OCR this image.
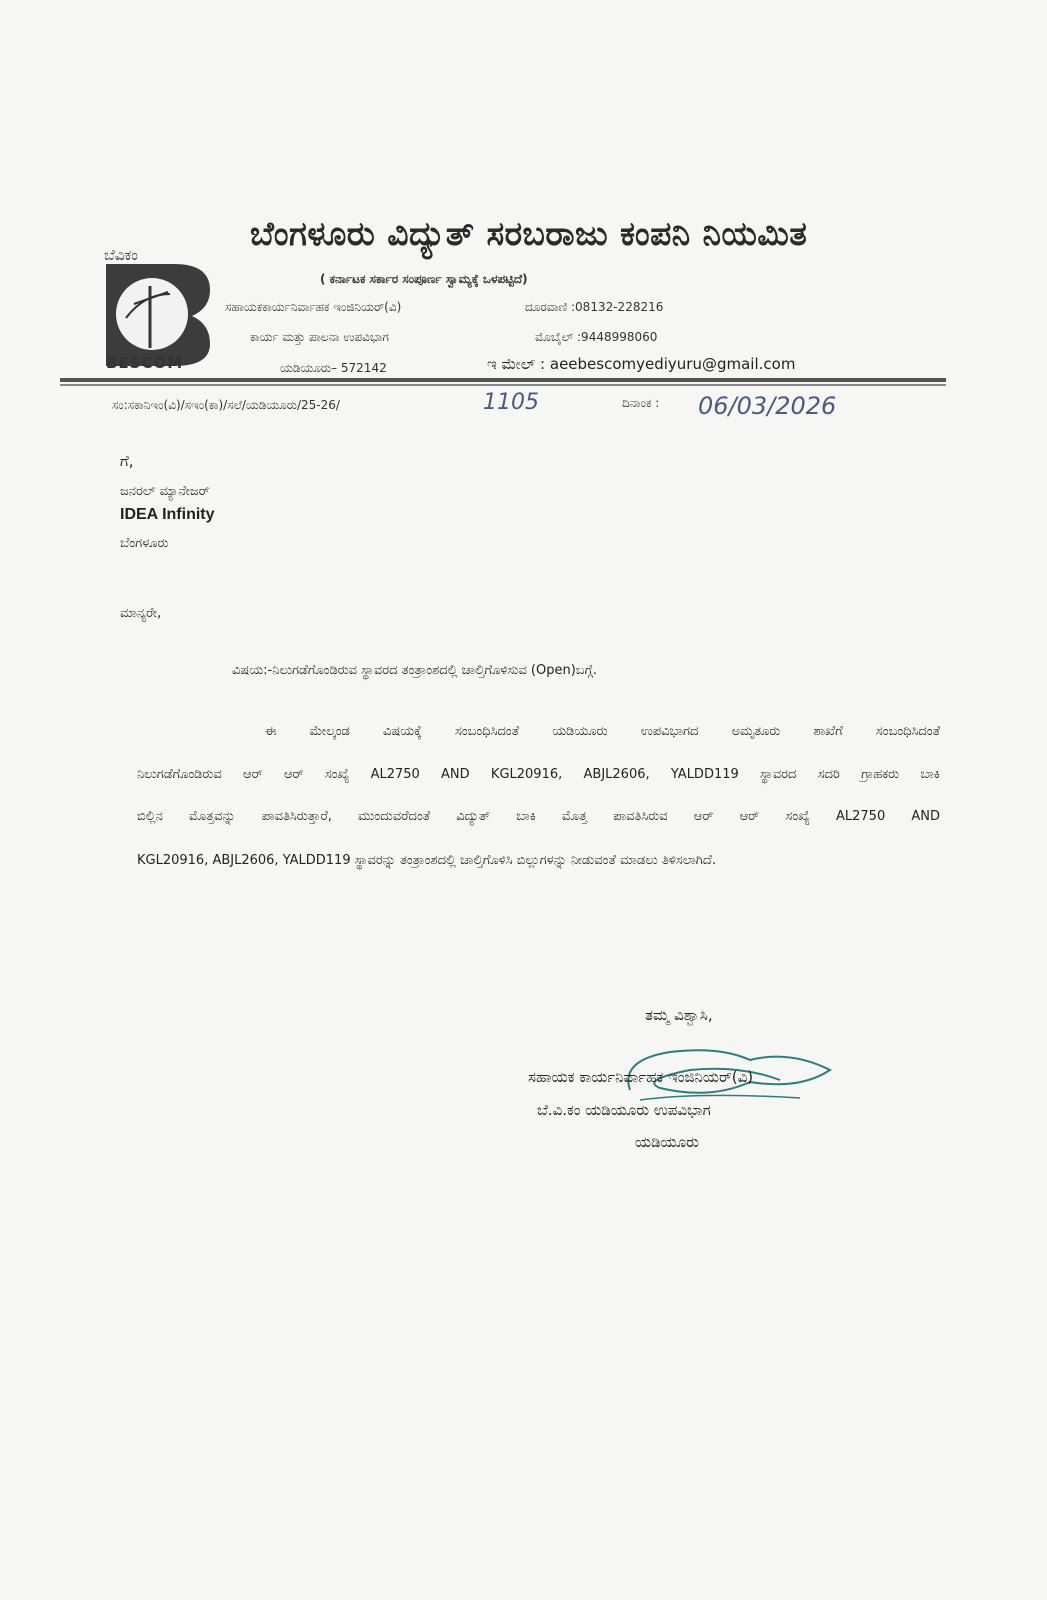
ಬೆವಿಕಂ
BESCOM
ಬೆಂಗಳೂರು ವಿದ್ಯುತ್ ಸರಬರಾಜು ಕಂಪನಿ ನಿಯಮಿತ
( ಕರ್ನಾಟಕ ಸರ್ಕಾರ ಸಂಪೂರ್ಣ ಸ್ವಾಮ್ಯಕ್ಕೆ ಒಳಪಟ್ಟಿದೆ)
ಸಹಾಯಕಕಾರ್ಯನಿರ್ವಾಹಕ ಇಂಜಿನಿಯರ್(ವಿ)
ಕಾರ್ಯ ಮತ್ತು ಪಾಲನಾ ಉಪವಿಭಾಗ
ಯಡಿಯೂರು– 572142
ದೂರವಾಣಿ :08132-228216
ಮೊಬೈಲ್ :9448998060
ಇ ಮೇಲ್ : aeebescomyediyuru@gmail.com
ಸಂ:ಸಕಾನಿಇಂ(ವಿ)/ಸಇಂ(ಕಾ)/ಸಲೆ/ಯಡಿಯೂರು/25-26/	1105	ದಿನಾಂಕ : 06/03/2026
ಗೆ,
ಜನರಲ್ ಮ್ಯಾನೇಜರ್
IDEA Infinity
ಬೆಂಗಳೂರು
ಮಾನ್ಯರೇ,
ವಿಷಯ:-ನಿಲುಗಡೆಗೊಂಡಿರುವ ಸ್ಥಾವರದ ತಂತ್ರಾಂಶದಲ್ಲಿ ಚಾಲ್ತಿಗೊಳಿಸುವ (Open)ಬಗ್ಗೆ.
ಈ ಮೇಲ್ಕಂಡ ವಿಷಯಕ್ಕೆ ಸಂಬಂಧಿಸಿದಂತೆ ಯಡಿಯೂರು ಉಪವಿಭಾಗದ ಅಮೃತೂರು ಶಾಖೆಗೆ ಸಂಬಂಧಿಸಿದಂತೆ
ನಿಲುಗಡೆಗೊಂಡಿರುವ ಆರ್ ಆರ್ ಸಂಖ್ಯೆ AL2750 AND KGL20916, ABJL2606, YALDD119 ಸ್ಥಾವರದ ಸದರಿ ಗ್ರಾಹಕರು ಬಾಕಿ
ಬಿಲ್ಲಿನ ಮೊತ್ತವನ್ನು ಪಾವತಿಸಿರುತ್ತಾರೆ, ಮುಂದುವರೆದಂತೆ ವಿದ್ಯುತ್ ಬಾಕಿ ಮೊತ್ತ ಪಾವತಿಸಿರುವ ಆರ್ ಆರ್ ಸಂಖ್ಯೆ AL2750 AND
KGL20916, ABJL2606, YALDD119 ಸ್ಥಾವರನ್ನು ತಂತ್ರಾಂಶದಲ್ಲಿ ಚಾಲ್ತಿಗೊಳಿಸಿ ಬಿಲ್ಲುಗಳನ್ನು ನೀಡುವಂತೆ ಮಾಡಲು ತಿಳಿಸಲಾಗಿದೆ.
ತಮ್ಮ ವಿಶ್ವಾಸಿ,
ಸಹಾಯಕ ಕಾರ್ಯನಿರ್ವಾಹಕ ಇಂಜಿನಿಯರ್(ವಿ)
ಬೆ.ವಿ.ಕಂ ಯಡಿಯೂರು ಉಪವಿಭಾಗ
ಯಡಿಯೂರು
